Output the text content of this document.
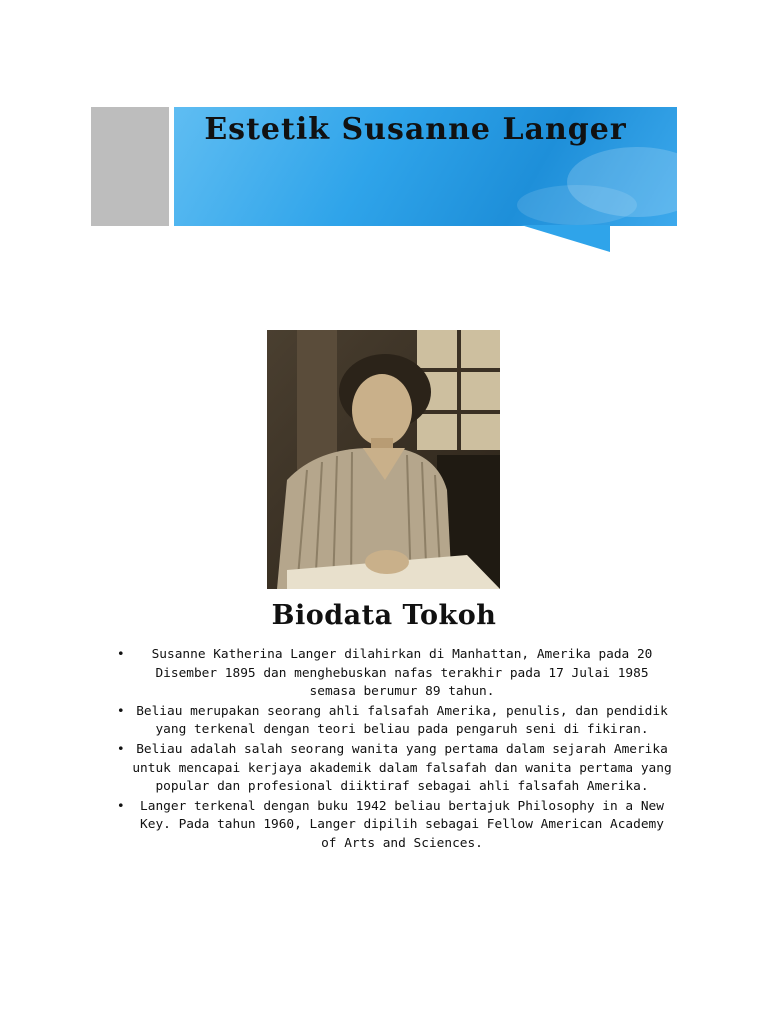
Estetik Susanne Langer
Biodata Tokoh
• Susanne Katherina Langer dilahirkan di Manhattan, Amerika pada 20 Disember 1895 dan menghebuskan nafas terakhir pada 17 Julai 1985 semasa berumur 89 tahun.
• Beliau merupakan seorang ahli falsafah Amerika, penulis, dan pendidik yang terkenal dengan teori beliau pada pengaruh seni di fikiran.
• Beliau adalah salah seorang wanita yang pertama dalam sejarah Amerika untuk mencapai kerjaya akademik dalam falsafah dan wanita pertama yang popular dan profesional diiktiraf sebagai ahli falsafah Amerika.
• Langer terkenal dengan buku 1942 beliau bertajuk Philosophy in a New Key. Pada tahun 1960, Langer dipilih sebagai Fellow American Academy of Arts and Sciences.
